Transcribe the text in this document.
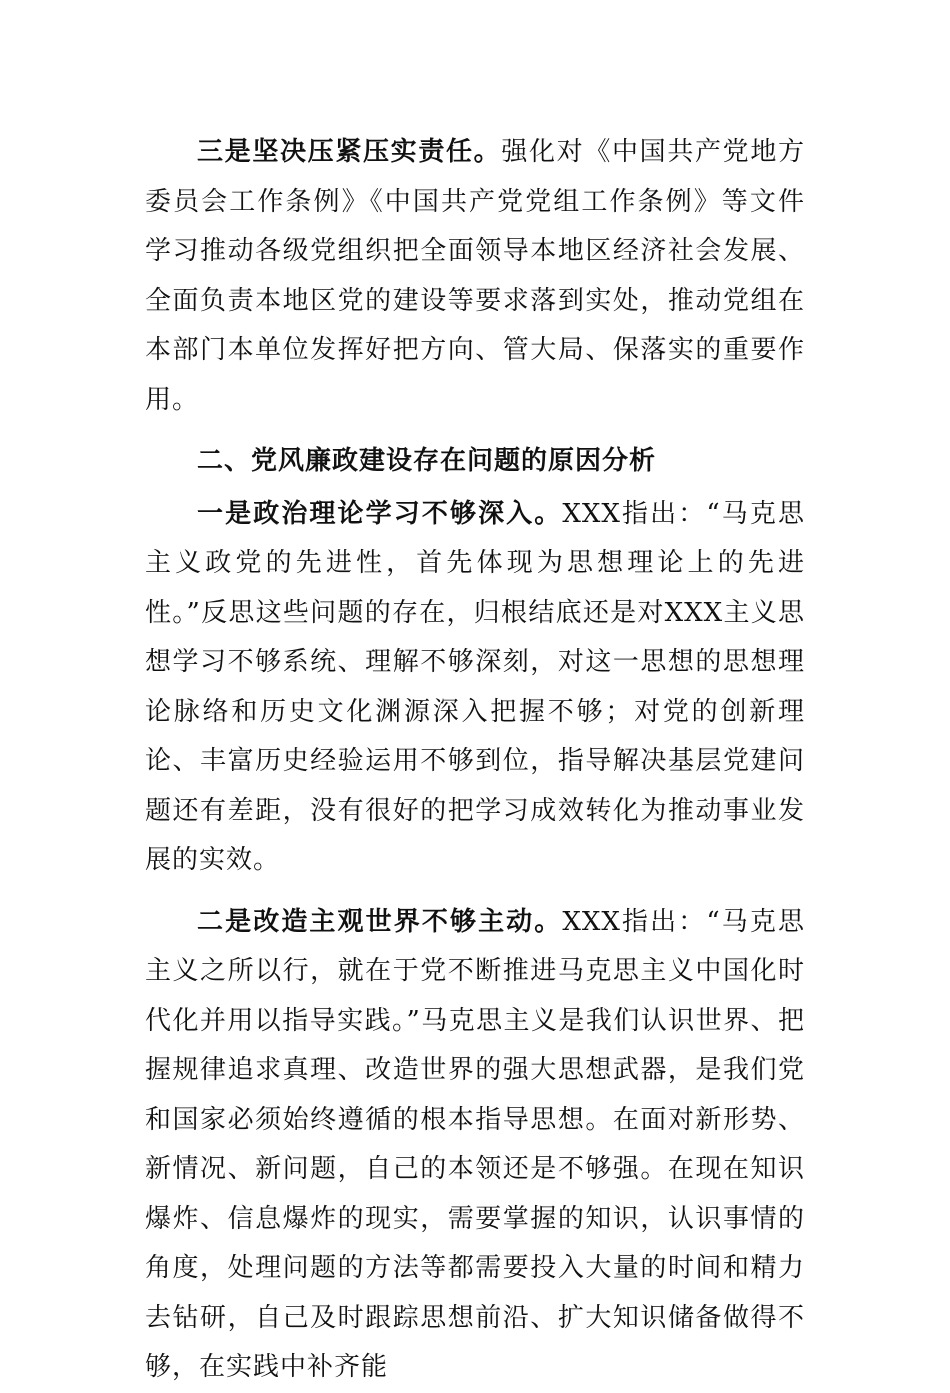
三是坚决压紧压实责任。强化对《中国共产党地方委员会工作条例》《中国共产党党组工作条例》等文件学习推动各级党组织把全面领导本地区经济社会发展、全面负责本地区党的建设等要求落到实处，推动党组在本部门本单位发挥好把方向、管大局、保落实的重要作用。

二、党风廉政建设存在问题的原因分析

一是政治理论学习不够深入。XXX指出：“马克思主义政党的先进性，首先体现为思想理论上的先进性。”反思这些问题的存在，归根结底还是对XXX主义思想学习不够系统、理解不够深刻，对这一思想的思想理论脉络和历史文化渊源深入把握不够；对党的创新理论、丰富历史经验运用不够到位，指导解决基层党建问题还有差距，没有很好的把学习成效转化为推动事业发展的实效。

二是改造主观世界不够主动。XXX指出：“马克思主义之所以行，就在于党不断推进马克思主义中国化时代化并用以指导实践。”马克思主义是我们认识世界、把握规律追求真理、改造世界的强大思想武器，是我们党和国家必须始终遵循的根本指导思想。在面对新形势、新情况、新问题，自己的本领还是不够强。在现在知识爆炸、信息爆炸的现实，需要掌握的知识，认识事情的角度，处理问题的方法等都需要投入大量的时间和精力去钻研，自己及时跟踪思想前沿、扩大知识储备做得不够，在实践中补齐能
